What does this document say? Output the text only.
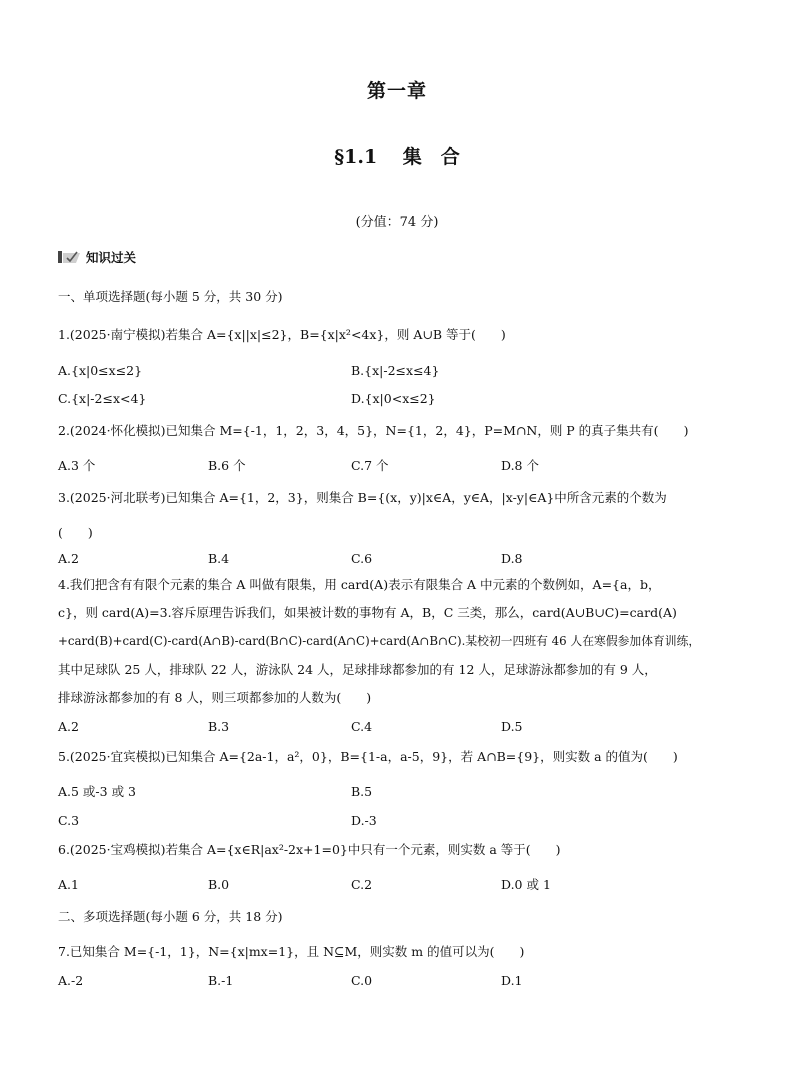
第一章
§1.1　 集　合
(分值：74 分)
知识过关
一、单项选择题(每小题 5 分，共 30 分)
1.(2025·南宁模拟)若集合 A={x||x|≤2}，B={x|x²<4x}，则 A∪B 等于(　　)
A.{x|0≤x≤2}	B.{x|-2≤x≤4}
C.{x|-2≤x<4}	D.{x|0<x≤2}
2.(2024·怀化模拟)已知集合 M={-1，1，2，3，4，5}，N={1，2，4}，P=M∩N，则 P 的真子集共有(　　)
A.3 个	B.6 个	C.7 个	D.8 个
3.(2025·河北联考)已知集合 A={1，2，3}，则集合 B={(x，y)|x∈A，y∈A，|x-y|∈A}中所含元素的个数为
(　　)
A.2	B.4	C.6	D.8
4.我们把含有有限个元素的集合 A 叫做有限集，用 card(A)表示有限集合 A 中元素的个数例如，A={a，b，
c}，则 card(A)=3.容斥原理告诉我们，如果被计数的事物有 A，B，C 三类，那么，card(A∪B∪C)=card(A)
+card(B)+card(C)-card(A∩B)-card(B∩C)-card(A∩C)+card(A∩B∩C).某校初一四班有 46 人在寒假参加体育训练，
其中足球队 25 人，排球队 22 人，游泳队 24 人，足球排球都参加的有 12 人，足球游泳都参加的有 9 人，
排球游泳都参加的有 8 人，则三项都参加的人数为(　　)
A.2	B.3	C.4	D.5
5.(2025·宜宾模拟)已知集合 A={2a-1，a²，0}，B={1-a，a-5，9}，若 A∩B={9}，则实数 a 的值为(　　)
A.5 或-3 或 3	B.5
C.3	D.-3
6.(2025·宝鸡模拟)若集合 A={x∈R|ax²-2x+1=0}中只有一个元素，则实数 a 等于(　　)
A.1	B.0	C.2	D.0 或 1
二、多项选择题(每小题 6 分，共 18 分)
7.已知集合 M={-1，1}，N={x|mx=1}，且 N⊆M，则实数 m 的值可以为(　　)
A.-2	B.-1	C.0	D.1
